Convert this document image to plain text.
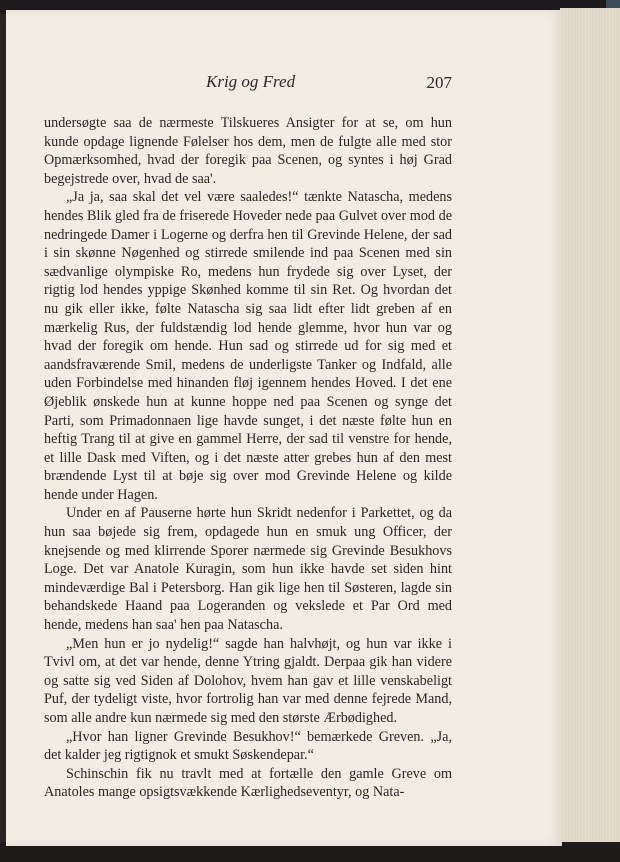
Krig og Fred	207

undersøgte saa de nærmeste Tilskueres Ansigter for at se, om hun kunde opdage lignende Følelser hos dem, men de fulgte alle med stor Opmærksomhed, hvad der foregik paa Scenen, og syntes i høj Grad begejstrede over, hvad de saa'.

„Ja ja, saa skal det vel være saaledes!“ tænkte Natascha, medens hendes Blik gled fra de friserede Hoveder nede paa Gulvet over mod de nedringede Damer i Logerne og derfra hen til Grevinde Helene, der sad i sin skønne Nøgenhed og stirrede smilende ind paa Scenen med sin sædvanlige olympiske Ro, medens hun frydede sig over Lyset, der rigtig lod hendes yppige Skønhed komme til sin Ret. Og hvordan det nu gik eller ikke, følte Natascha sig saa lidt efter lidt greben af en mærkelig Rus, der fuldstændig lod hende glemme, hvor hun var og hvad der foregik om hende. Hun sad og stirrede ud for sig med et aandsfraværende Smil, medens de underligste Tanker og Indfald, alle uden Forbindelse med hinanden fløj igennem hendes Hoved. I det ene Øjeblik ønskede hun at kunne hoppe ned paa Scenen og synge det Parti, som Primadonnaen lige havde sunget, i det næste følte hun en heftig Trang til at give en gammel Herre, der sad til venstre for hende, et lille Dask med Viften, og i det næste atter grebes hun af den mest brændende Lyst til at bøje sig over mod Grevinde Helene og kilde hende under Hagen.

Under en af Pauserne hørte hun Skridt nedenfor i Parkettet, og da hun saa bøjede sig frem, opdagede hun en smuk ung Officer, der knejsende og med klirrende Sporer nærmede sig Grevinde Besukhovs Loge. Det var Anatole Kuragin, som hun ikke havde set siden hint mindeværdige Bal i Petersborg. Han gik lige hen til Søsteren, lagde sin behandskede Haand paa Logeranden og vekslede et Par Ord med hende, medens han saa' hen paa Natascha.

„Men hun er jo nydelig!“ sagde han halvhøjt, og hun var ikke i Tvivl om, at det var hende, denne Ytring gjaldt. Derpaa gik han videre og satte sig ved Siden af Dolohov, hvem han gav et lille venskabeligt Puf, der tydeligt viste, hvor fortrolig han var med denne fejrede Mand, som alle andre kun nærmede sig med den største Ærbødighed.

„Hvor han ligner Grevinde Besukhov!“ bemærkede Greven. „Ja, det kalder jeg rigtignok et smukt Søskendepar.“

Schinschin fik nu travlt med at fortælle den gamle Greve om Anatoles mange opsigtsvækkende Kærlighedseventyr, og Nata-
